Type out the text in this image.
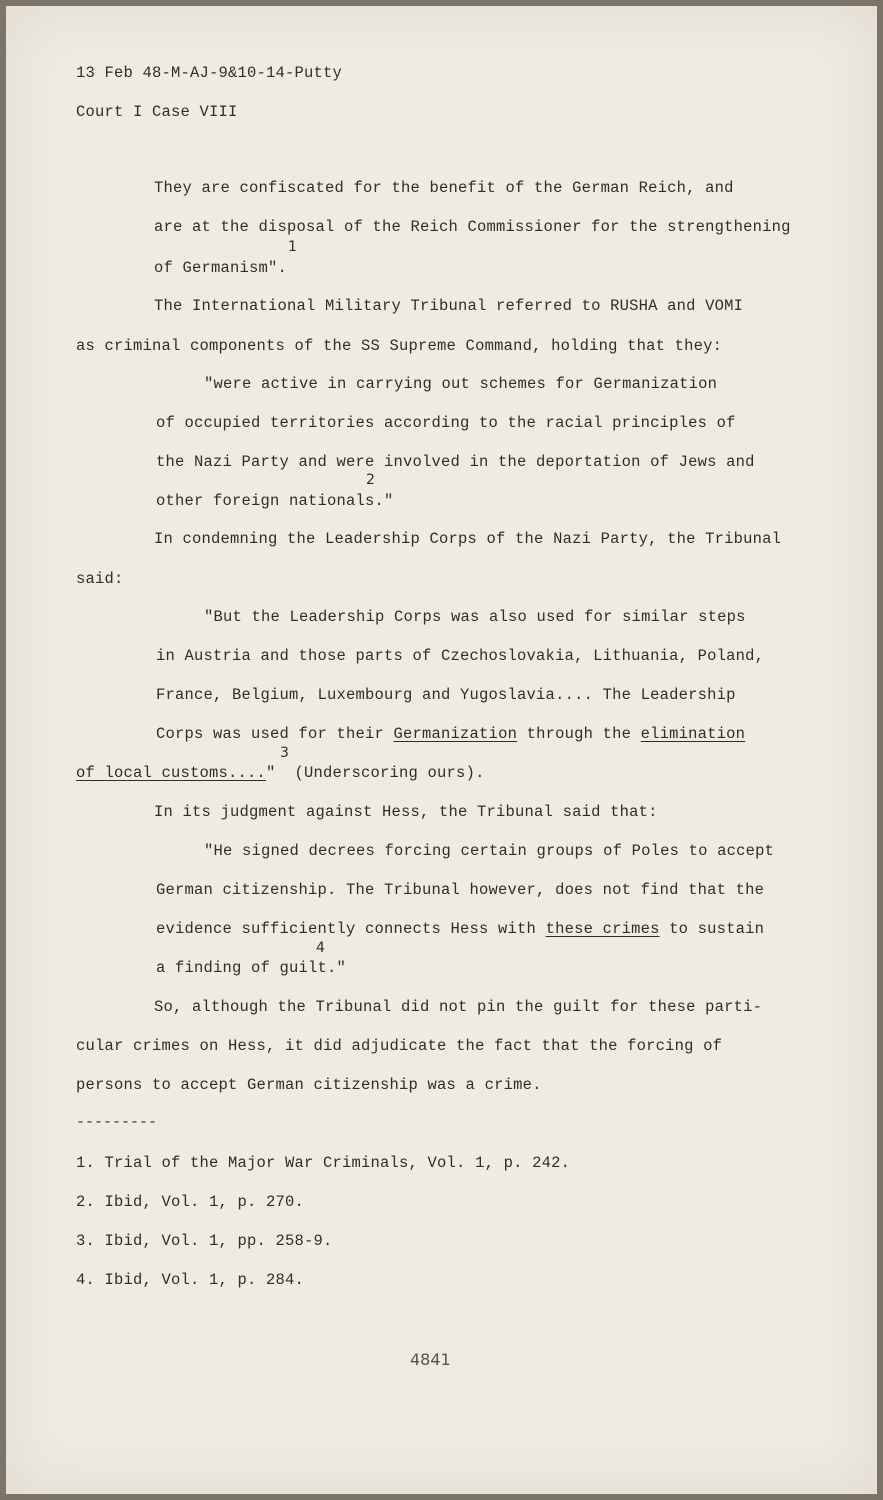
13 Feb 48-M-AJ-9&10-14-Putty
Court I Case VIII
They are confiscated for the benefit of the German Reich, and
are at the disposal of the Reich Commissioner for the strengthening
1
of Germanism".
The International Military Tribunal referred to RUSHA and VOMI
as criminal components of the SS Supreme Command, holding that they:
"were active in carrying out schemes for Germanization
of occupied territories according to the racial principles of
the Nazi Party and were involved in the deportation of Jews and
2
other foreign nationals."
In condemning the Leadership Corps of the Nazi Party, the Tribunal
said:
"But the Leadership Corps was also used for similar steps
in Austria and those parts of Czechoslovakia, Lithuania, Poland,
France, Belgium, Luxembourg and Yugoslavia.... The Leadership
Corps was used for their Germanization through the elimination
3
of local customs...."  (Underscoring ours).
In its judgment against Hess, the Tribunal said that:
"He signed decrees forcing certain groups of Poles to accept
German citizenship. The Tribunal however, does not find that the
evidence sufficiently connects Hess with these crimes to sustain
4
a finding of guilt."
So, although the Tribunal did not pin the guilt for these parti-
cular crimes on Hess, it did adjudicate the fact that the forcing of
persons to accept German citizenship was a crime.
---------
1. Trial of the Major War Criminals, Vol. 1, p. 242.
2. Ibid, Vol. 1, p. 270.
3. Ibid, Vol. 1, pp. 258-9.
4. Ibid, Vol. 1, p. 284.
4841
